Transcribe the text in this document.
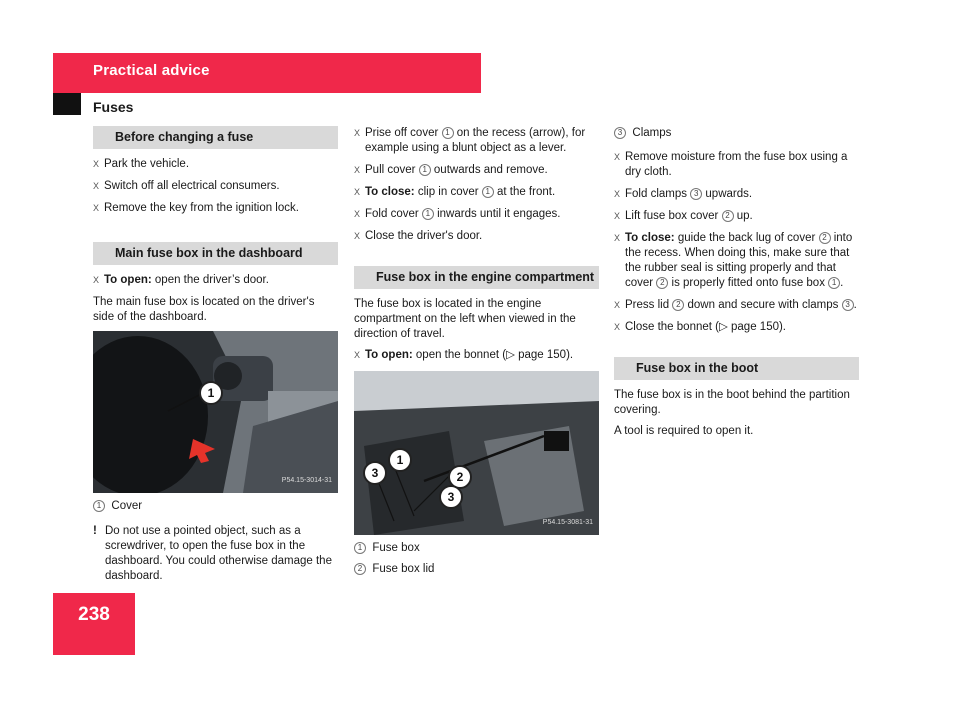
Practical advice
Fuses
Before changing a fuse
X Park the vehicle.
X Switch off all electrical consumers.
X Remove the key from the ignition lock.
Main fuse box in the dashboard
X To open: open the driver’s door.

The main fuse box is located on the driver's side of the dashboard.

1
P54.15-3014-31

1 Cover

! Do not use a pointed object, such as a screwdriver, to open the fuse box in the dashboard. You could otherwise damage the dashboard.
X Prise off cover 1 on the recess (arrow), for example using a blunt object as a lever.
X Pull cover 1 outwards and remove.
X To close: clip in cover 1 at the front.
X Fold cover 1 inwards until it engages.
X Close the driver's door.
Fuse box in the engine compartment

The fuse box is located in the engine compartment on the left when viewed in the direction of travel.

X To open: open the bonnet (▷ page 150).
1
2
3
3
P54.15-3081-31

1 Fuse box

2 Fuse box lid

3 Clamps

X Remove moisture from the fuse box using a dry cloth.
X Fold clamps 3 upwards.
X Lift fuse box cover 2 up.
X To close: guide the back lug of cover 2 into the recess. When doing this, make sure that the rubber seal is sitting properly and that cover 2 is properly fitted onto fuse box 1 .
X Press lid 2 down and secure with clamps 3 .
X Close the bonnet (▷ page 150).
Fuse box in the boot

The fuse box is in the boot behind the partition covering.

A tool is required to open it.

238
